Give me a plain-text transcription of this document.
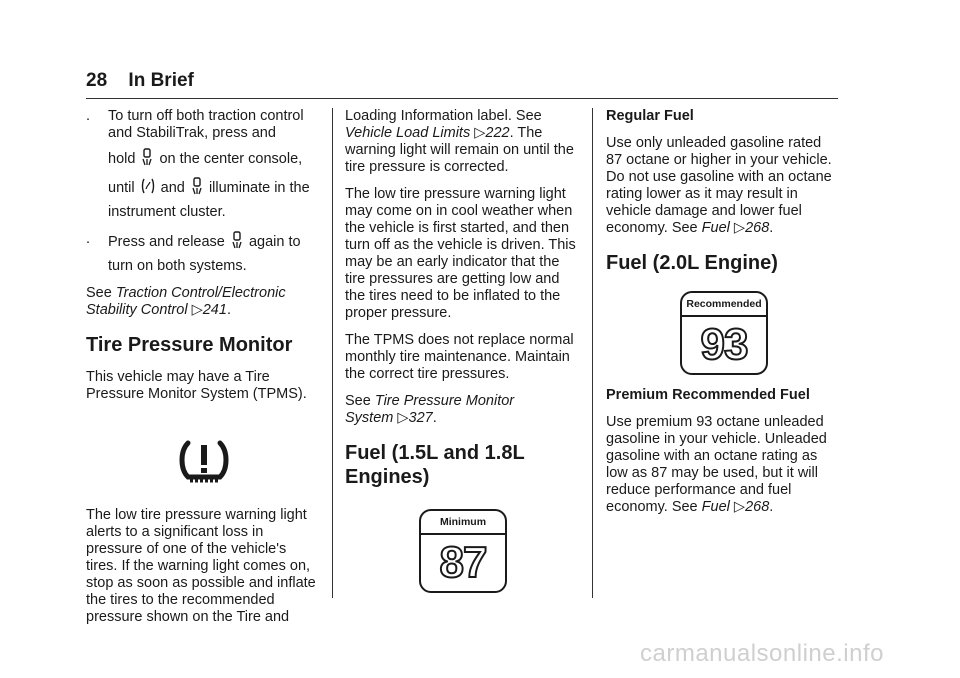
28 In Brief
. To turn off both traction control
and StabiliTrak, press and
hold on the center console,
until and illuminate in the
instrument cluster.
. Press and release again to
turn on both systems.

See Traction Control/Electronic
Stability Control ▷241.

Tire Pressure Monitor

This vehicle may have a Tire
Pressure Monitor System (TPMS).

The low tire pressure warning light
alerts to a significant loss in
pressure of one of the vehicle's
tires. If the warning light comes on,
stop as soon as possible and inflate
the tires to the recommended
pressure shown on the Tire and

Loading Information label. See
Vehicle Load Limits ▷222. The
warning light will remain on until the
tire pressure is corrected.

The low tire pressure warning light
may come on in cool weather when
the vehicle is first started, and then
turn off as the vehicle is driven. This
may be an early indicator that the
tire pressures are getting low and
the tires need to be inflated to the
proper pressure.

The TPMS does not replace normal
monthly tire maintenance. Maintain
the correct tire pressures.

See Tire Pressure Monitor
System ▷327.

Fuel (1.5L and 1.8L
Engines)
Minimum
87

Regular Fuel

Use only unleaded gasoline rated
87 octane or higher in your vehicle.
Do not use gasoline with an octane
rating lower as it may result in
vehicle damage and lower fuel
economy. See Fuel ▷268.

Fuel (2.0L Engine)
Recommended
93

Premium Recommended Fuel

Use premium 93 octane unleaded
gasoline in your vehicle. Unleaded
gasoline with an octane rating as
low as 87 may be used, but it will
reduce performance and fuel
economy. See Fuel ▷268.

carmanualsonline.info
